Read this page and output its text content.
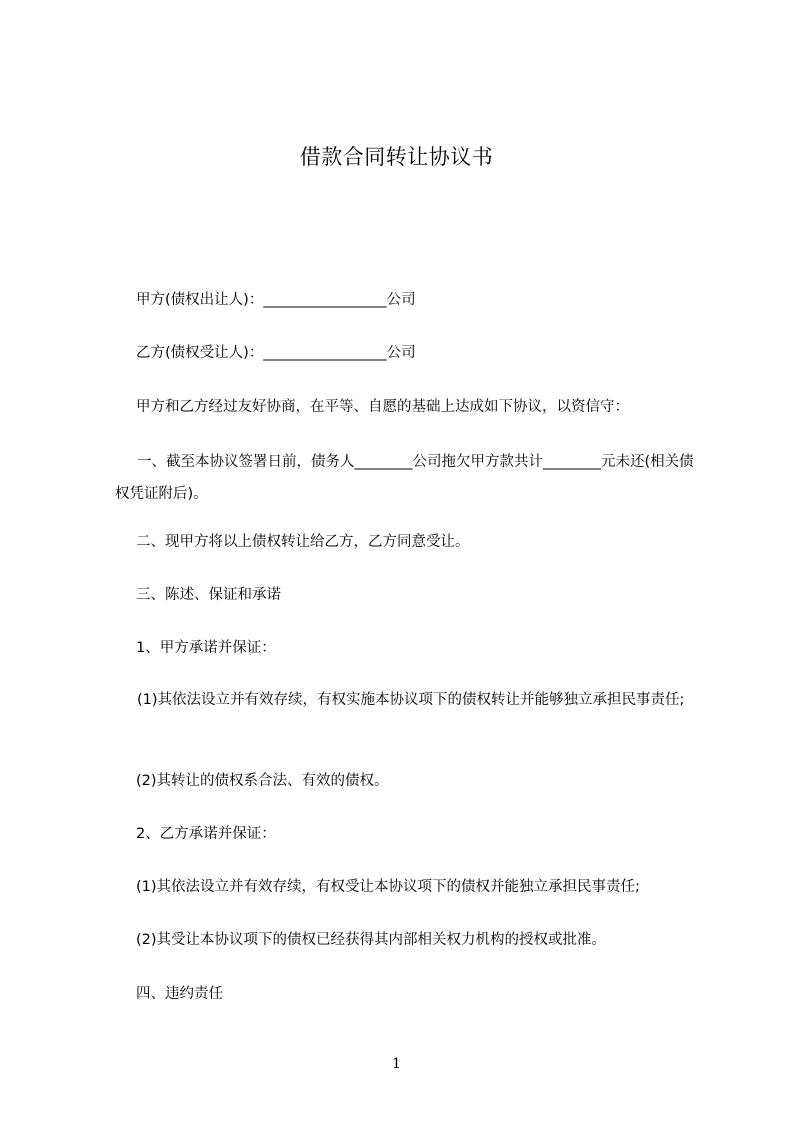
借款合同转让协议书
甲方(债权出让人)：_________________公司
乙方(债权受让人)：_________________公司
甲方和乙方经过友好协商，在平等、自愿的基础上达成如下协议，以资信守：
一、截至本协议签署日前，债务人________公司拖欠甲方款共计________元未还(相关债权凭证附后)。
二、现甲方将以上债权转让给乙方，乙方同意受让。
三、陈述、保证和承诺
1、甲方承诺并保证：
(1)其依法设立并有效存续，有权实施本协议项下的债权转让并能够独立承担民事责任;
(2)其转让的债权系合法、有效的债权。
2、乙方承诺并保证：
(1)其依法设立并有效存续，有权受让本协议项下的债权并能独立承担民事责任;
(2)其受让本协议项下的债权已经获得其内部相关权力机构的授权或批准。
四、违约责任
1
